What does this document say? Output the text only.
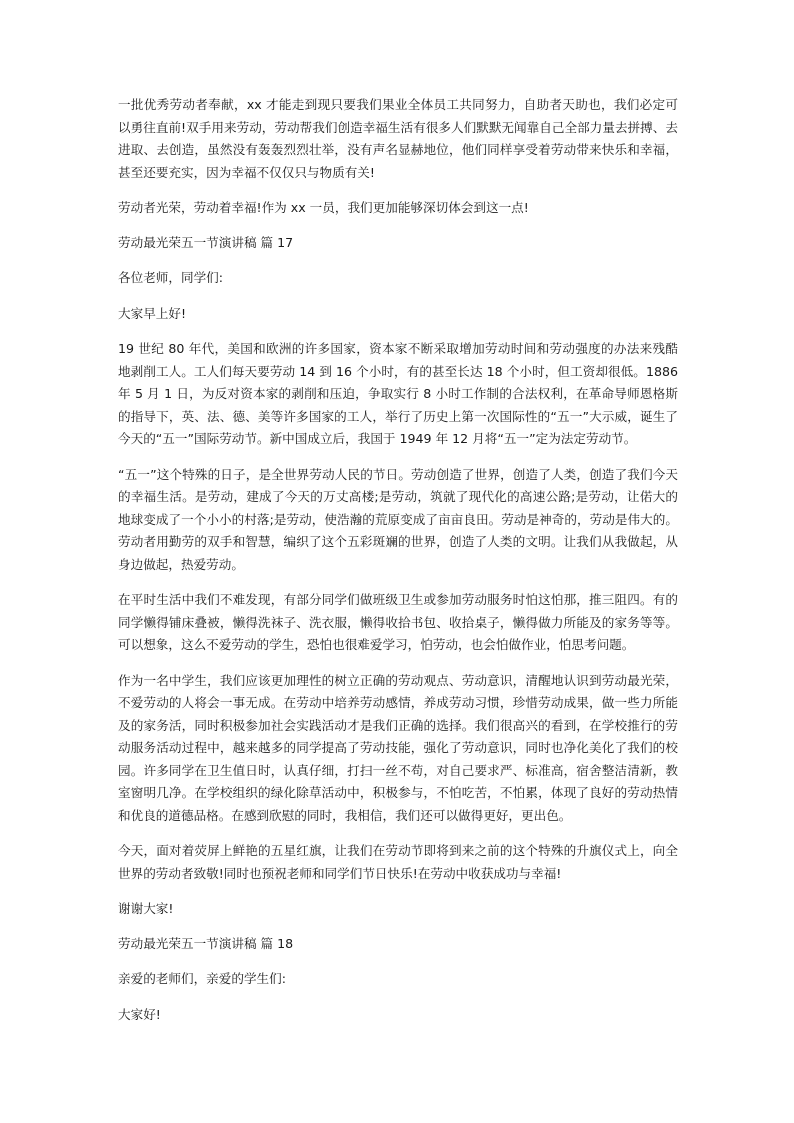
一批优秀劳动者奉献，xx 才能走到现只要我们果业全体员工共同努力，自助者天助也，我们必定可以勇往直前!双手用来劳动，劳动帮我们创造幸福生活有很多人们默默无闻靠自己全部力量去拼搏、去进取、去创造，虽然没有轰轰烈烈壮举，没有声名显赫地位，他们同样享受着劳动带来快乐和幸福，甚至还要充实，因为幸福不仅仅只与物质有关!

劳动者光荣，劳动着幸福!作为 xx 一员，我们更加能够深切体会到这一点!

劳动最光荣五一节演讲稿 篇 17

各位老师，同学们:

大家早上好!

19 世纪 80 年代，美国和欧洲的许多国家，资本家不断采取增加劳动时间和劳动强度的办法来残酷地剥削工人。工人们每天要劳动 14 到 16 个小时，有的甚至长达 18 个小时，但工资却很低。1886 年 5 月 1 日，为反对资本家的剥削和压迫，争取实行 8 小时工作制的合法权利，在革命导师恩格斯的指导下，英、法、德、美等许多国家的工人，举行了历史上第一次国际性的“五一”大示威，诞生了今天的“五一”国际劳动节。新中国成立后，我国于 1949 年 12 月将“五一”定为法定劳动节。

“五一”这个特殊的日子，是全世界劳动人民的节日。劳动创造了世界，创造了人类，创造了我们今天的幸福生活。是劳动，建成了今天的万丈高楼;是劳动，筑就了现代化的高速公路;是劳动，让偌大的地球变成了一个小小的村落;是劳动，使浩瀚的荒原变成了亩亩良田。劳动是神奇的，劳动是伟大的。劳动者用勤劳的双手和智慧，编织了这个五彩斑斓的世界，创造了人类的文明。让我们从我做起，从身边做起，热爱劳动。

在平时生活中我们不难发现，有部分同学们做班级卫生或参加劳动服务时怕这怕那，推三阻四。有的同学懒得铺床叠被，懒得洗袜子、洗衣服，懒得收拾书包、收拾桌子，懒得做力所能及的家务等等。可以想象，这么不爱劳动的学生，恐怕也很难爱学习，怕劳动，也会怕做作业，怕思考问题。

作为一名中学生，我们应该更加理性的树立正确的劳动观点、劳动意识，清醒地认识到劳动最光荣，不爱劳动的人将会一事无成。在劳动中培养劳动感情，养成劳动习惯，珍惜劳动成果，做一些力所能及的家务活，同时积极参加社会实践活动才是我们正确的选择。我们很高兴的看到，在学校推行的劳动服务活动过程中，越来越多的同学提高了劳动技能，强化了劳动意识，同时也净化美化了我们的校园。许多同学在卫生值日时，认真仔细，打扫一丝不苟，对自己要求严、标准高，宿舍整洁清新，教室窗明几净。在学校组织的绿化除草活动中，积极参与，不怕吃苦，不怕累，体现了良好的劳动热情和优良的道德品格。在感到欣慰的同时，我相信，我们还可以做得更好，更出色。

今天，面对着荧屏上鲜艳的五星红旗，让我们在劳动节即将到来之前的这个特殊的升旗仪式上，向全世界的劳动者致敬!同时也预祝老师和同学们节日快乐!在劳动中收获成功与幸福!

谢谢大家!

劳动最光荣五一节演讲稿 篇 18

亲爱的老师们，亲爱的学生们:

大家好!
